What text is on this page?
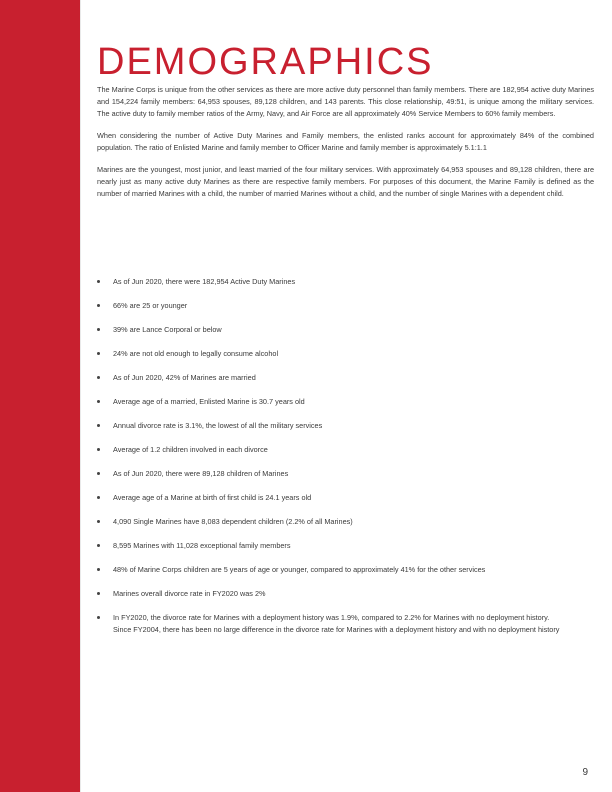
DEMOGRAPHICS

The Marine Corps is unique from the other services as there are more active duty personnel than family members. There are 182,954 active duty Marines and 154,224 family members: 64,953 spouses, 89,128 children, and 143 parents. This close relationship, 49:51, is unique among the military services. The active duty to family member ratios of the Army, Navy, and Air Force are all approximately 40% Service Members to 60% family members.

When considering the number of Active Duty Marines and Family members, the enlisted ranks account for approximately 84% of the combined population. The ratio of Enlisted Marine and family member to Officer Marine and family member is approximately 5.1:1.1

Marines are the youngest, most junior, and least married of the four military services. With approximately 64,953 spouses and 89,128 children, there are nearly just as many active duty Marines as there are respective family members. For purposes of this document, the Marine Family is defined as the number of married Marines with a child, the number of married Marines without a child, and the number of single Marines with a dependent child.

As of Jun 2020, there were 182,954 Active Duty Marines
66% are 25 or younger
39% are Lance Corporal or below
24% are not old enough to legally consume alcohol
As of Jun 2020, 42% of Marines are married
Average age of a married, Enlisted Marine is 30.7 years old
Annual divorce rate is 3.1%, the lowest of all the military services
Average of 1.2 children involved in each divorce
As of Jun 2020, there were 89,128 children of Marines
Average age of a Marine at birth of first child is 24.1 years old
4,090 Single Marines have 8,083 dependent children (2.2% of all Marines)
8,595 Marines with 11,028 exceptional family members
48% of Marine Corps children are 5 years of age or younger, compared to approximately 41% for the other services
Marines overall divorce rate in FY2020 was 2%
In FY2020, the divorce rate for Marines with a deployment history was 1.9%, compared to 2.2% for Marines with no deployment history. Since FY2004, there has been no large difference in the divorce rate for Marines with a deployment history and with no deployment history
9
